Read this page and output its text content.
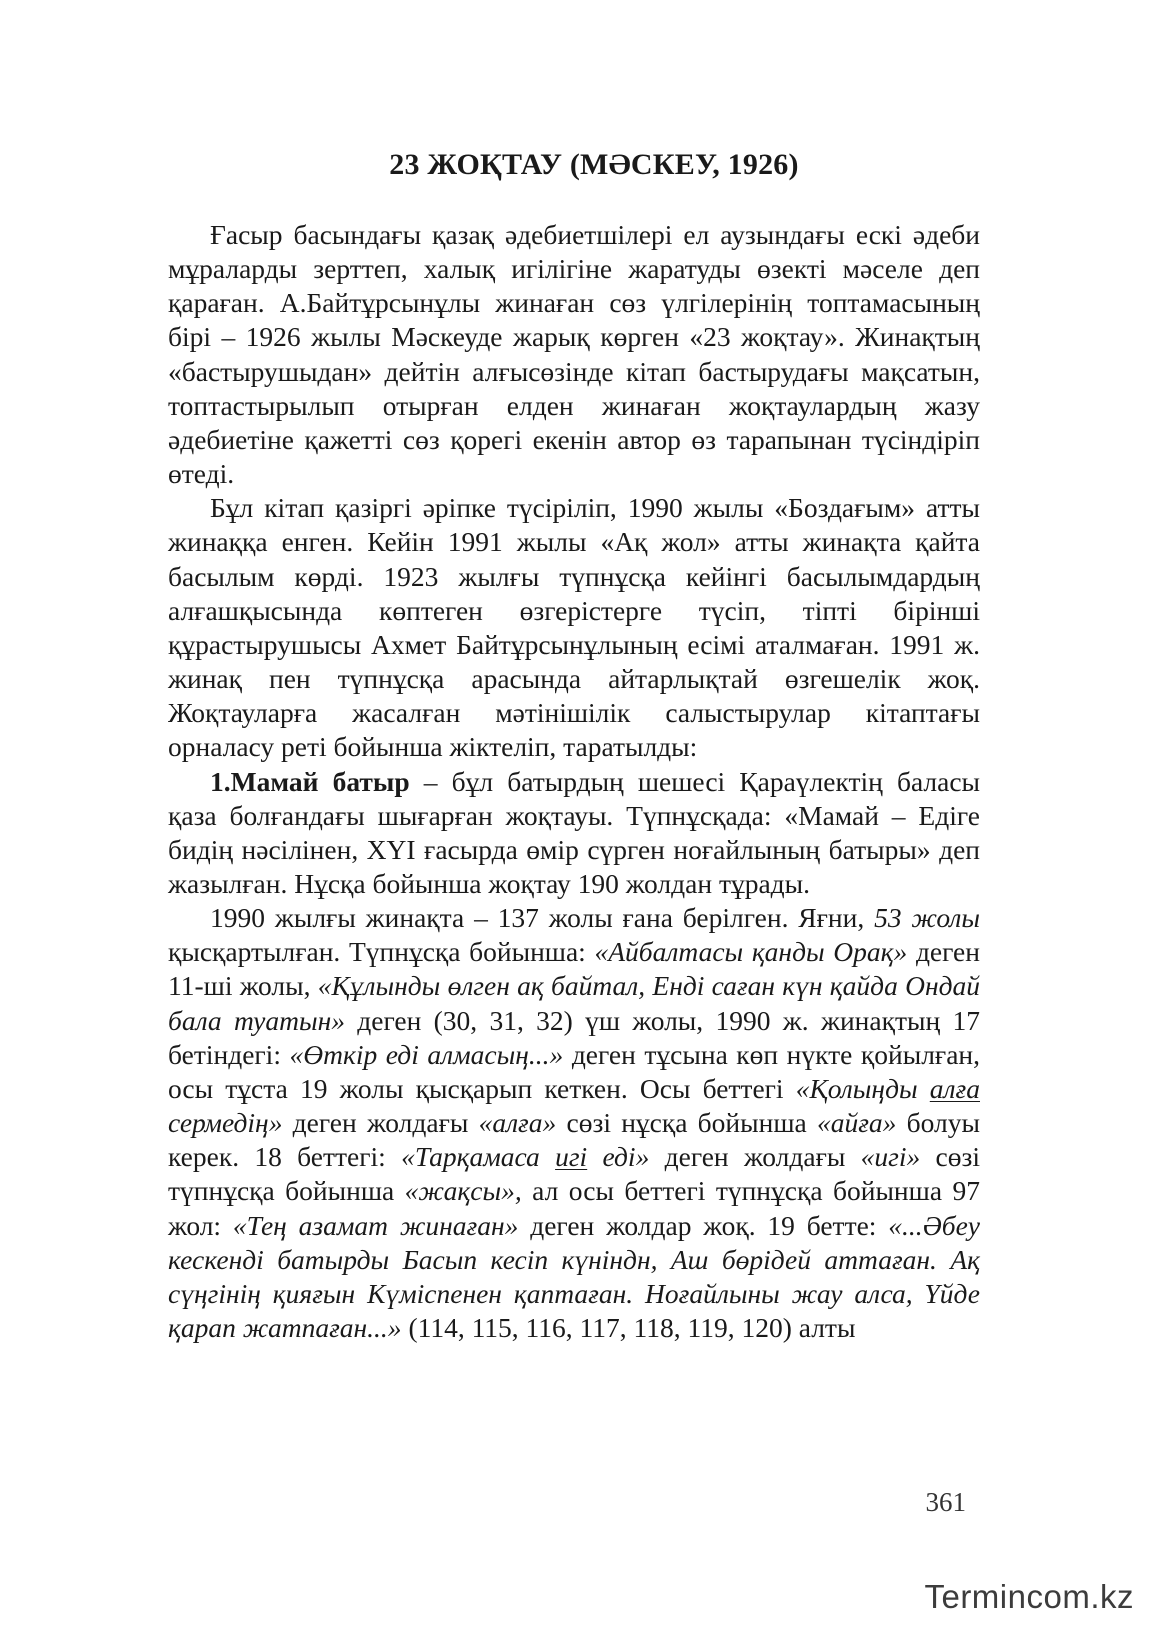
23 ЖОҚТАУ (МӘСКЕУ, 1926)

Ғасыр басындағы қазақ әдебиетшілері ел аузындағы ескі әдеби мұраларды зерттеп, халық игілігіне жаратуды өзекті мәселе деп қараған. А.Байтұрсынұлы жинаған сөз үлгілерінің топтамасының бірі – 1926 жылы Мәскеуде жарық көрген «23 жоқтау». Жинақтың «бастырушыдан» дейтін алғысөзінде кітап бастырудағы мақсатын, топтастырылып отырған елден жинаған жоқтаулардың жазу әдебиетіне қажетті сөз қорегі екенін автор өз тарапынан түсіндіріп өтеді.

Бұл кітап қазіргі әріпке түсіріліп, 1990 жылы «Боздағым» атты жинаққа енген. Кейін 1991 жылы «Ақ жол» атты жинақта қайта басылым көрді. 1923 жылғы түпнұсқа кейінгі басылымдардың алғашқысында көптеген өзгерістерге түсіп, тіпті бірінші құрастырушысы Ахмет Байтұрсынұлының есімі аталмаған. 1991 ж. жинақ пен түпнұсқа арасында айтарлықтай өзгешелік жоқ. Жоқтауларға жасалған мәтінішілік салыстырулар кітаптағы орналасу реті бойынша жіктеліп, таратылды:

1.Мамай батыр – бұл батырдың шешесі Қараүлектің баласы қаза болғандағы шығарған жоқтауы. Түпнұсқада: «Мамай – Едіге бидің нәсілінен, XYI ғасырда өмір сүрген ноғайлының батыры» деп жазылған. Нұсқа бойынша жоқтау 190 жолдан тұрады.

1990 жылғы жинақта – 137 жолы ғана берілген. Яғни, 53 жолы қысқартылған. Түпнұсқа бойынша: «Айбалтасы қанды Орақ» деген 11-ші жолы, «Құлынды өлген ақ байтал, Енді саған күн қайда Ондай бала туатын» деген (30, 31, 32) үш жолы, 1990 ж. жинақтың 17 бетіндегі: «Өткір еді алмасың...» деген тұсына көп нүкте қойылған, осы тұста 19 жолы қысқарып кеткен. Осы беттегі «Қолыңды алға сермедің» деген жолдағы «алға» сөзі нұсқа бойынша «айға» болуы керек. 18 беттегі: «Тарқамаса игі еді» деген жолдағы «игі» сөзі түпнұсқа бойынша «жақсы», ал осы беттегі түпнұсқа бойынша 97 жол: «Тең азамат жинаған» деген жолдар жоқ. 19 бетте: «...Әбеу кескенді батырды Басып кесіп күніндн, Аш бөрідей аттаған. Ақ сүңгінің қияғын Күміспенен қаптаған. Ноғайлыны жау алса, Үйде қарап жатпаған...» (114, 115, 116, 117, 118, 119, 120) алты

361
Termincom.kz
